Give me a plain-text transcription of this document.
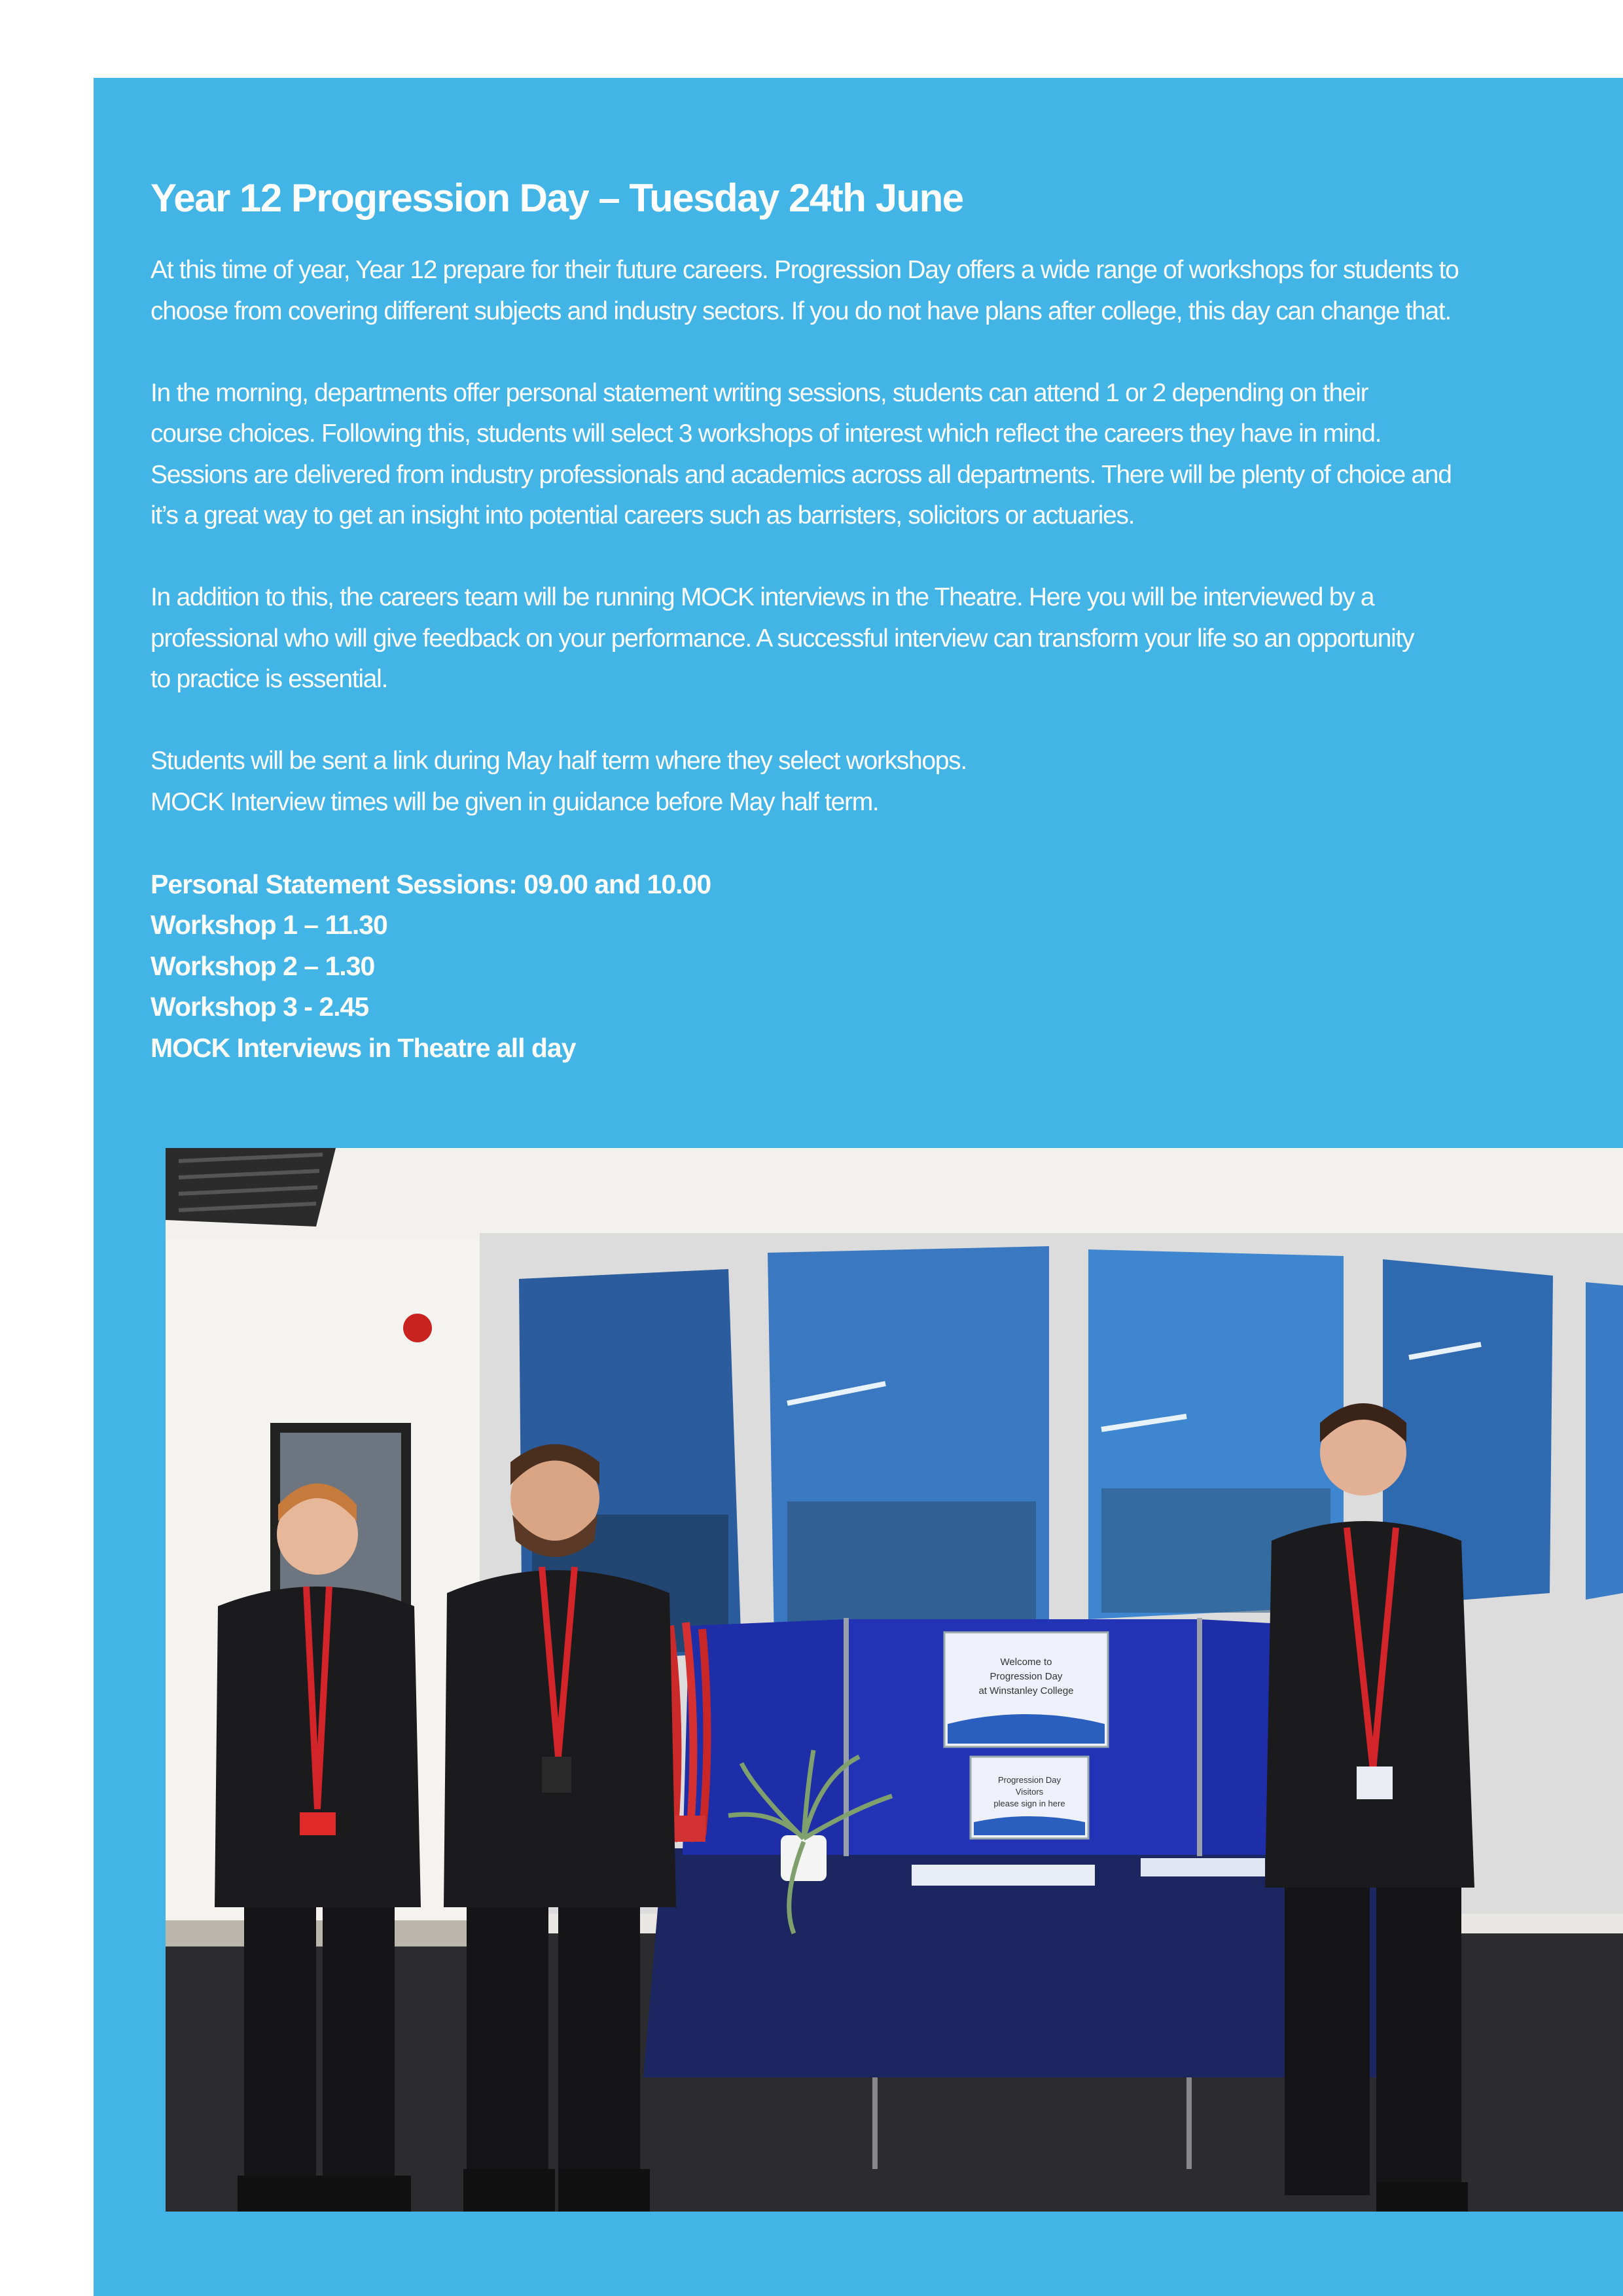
Year 12 Progression Day – Tuesday 24th June

At this time of year, Year 12 prepare for their future careers. Progression Day offers a wide range of workshops for students to
choose from covering different subjects and industry sectors. If you do not have plans after college, this day can change that.

In the morning, departments offer personal statement writing sessions, students can attend 1 or 2 depending on their
course choices. Following this, students will select 3 workshops of interest which reflect the careers they have in mind.
Sessions are delivered from industry professionals and academics across all departments. There will be plenty of choice and
it’s a great way to get an insight into potential careers such as barristers, solicitors or actuaries.

In addition to this, the careers team will be running MOCK interviews in the Theatre. Here you will be interviewed by a
professional who will give feedback on your performance. A successful interview can transform your life so an opportunity
to practice is essential.

Students will be sent a link during May half term where they select workshops.
MOCK Interview times will be given in guidance before May half term.

Personal Statement Sessions: 09.00 and 10.00
Workshop 1 – 11.30
Workshop 2 – 1.30
Workshop 3 - 2.45
MOCK Interviews in Theatre all day

Welcome to
Progression Day
at Winstanley College
Progression Day
Visitors
please sign in here
